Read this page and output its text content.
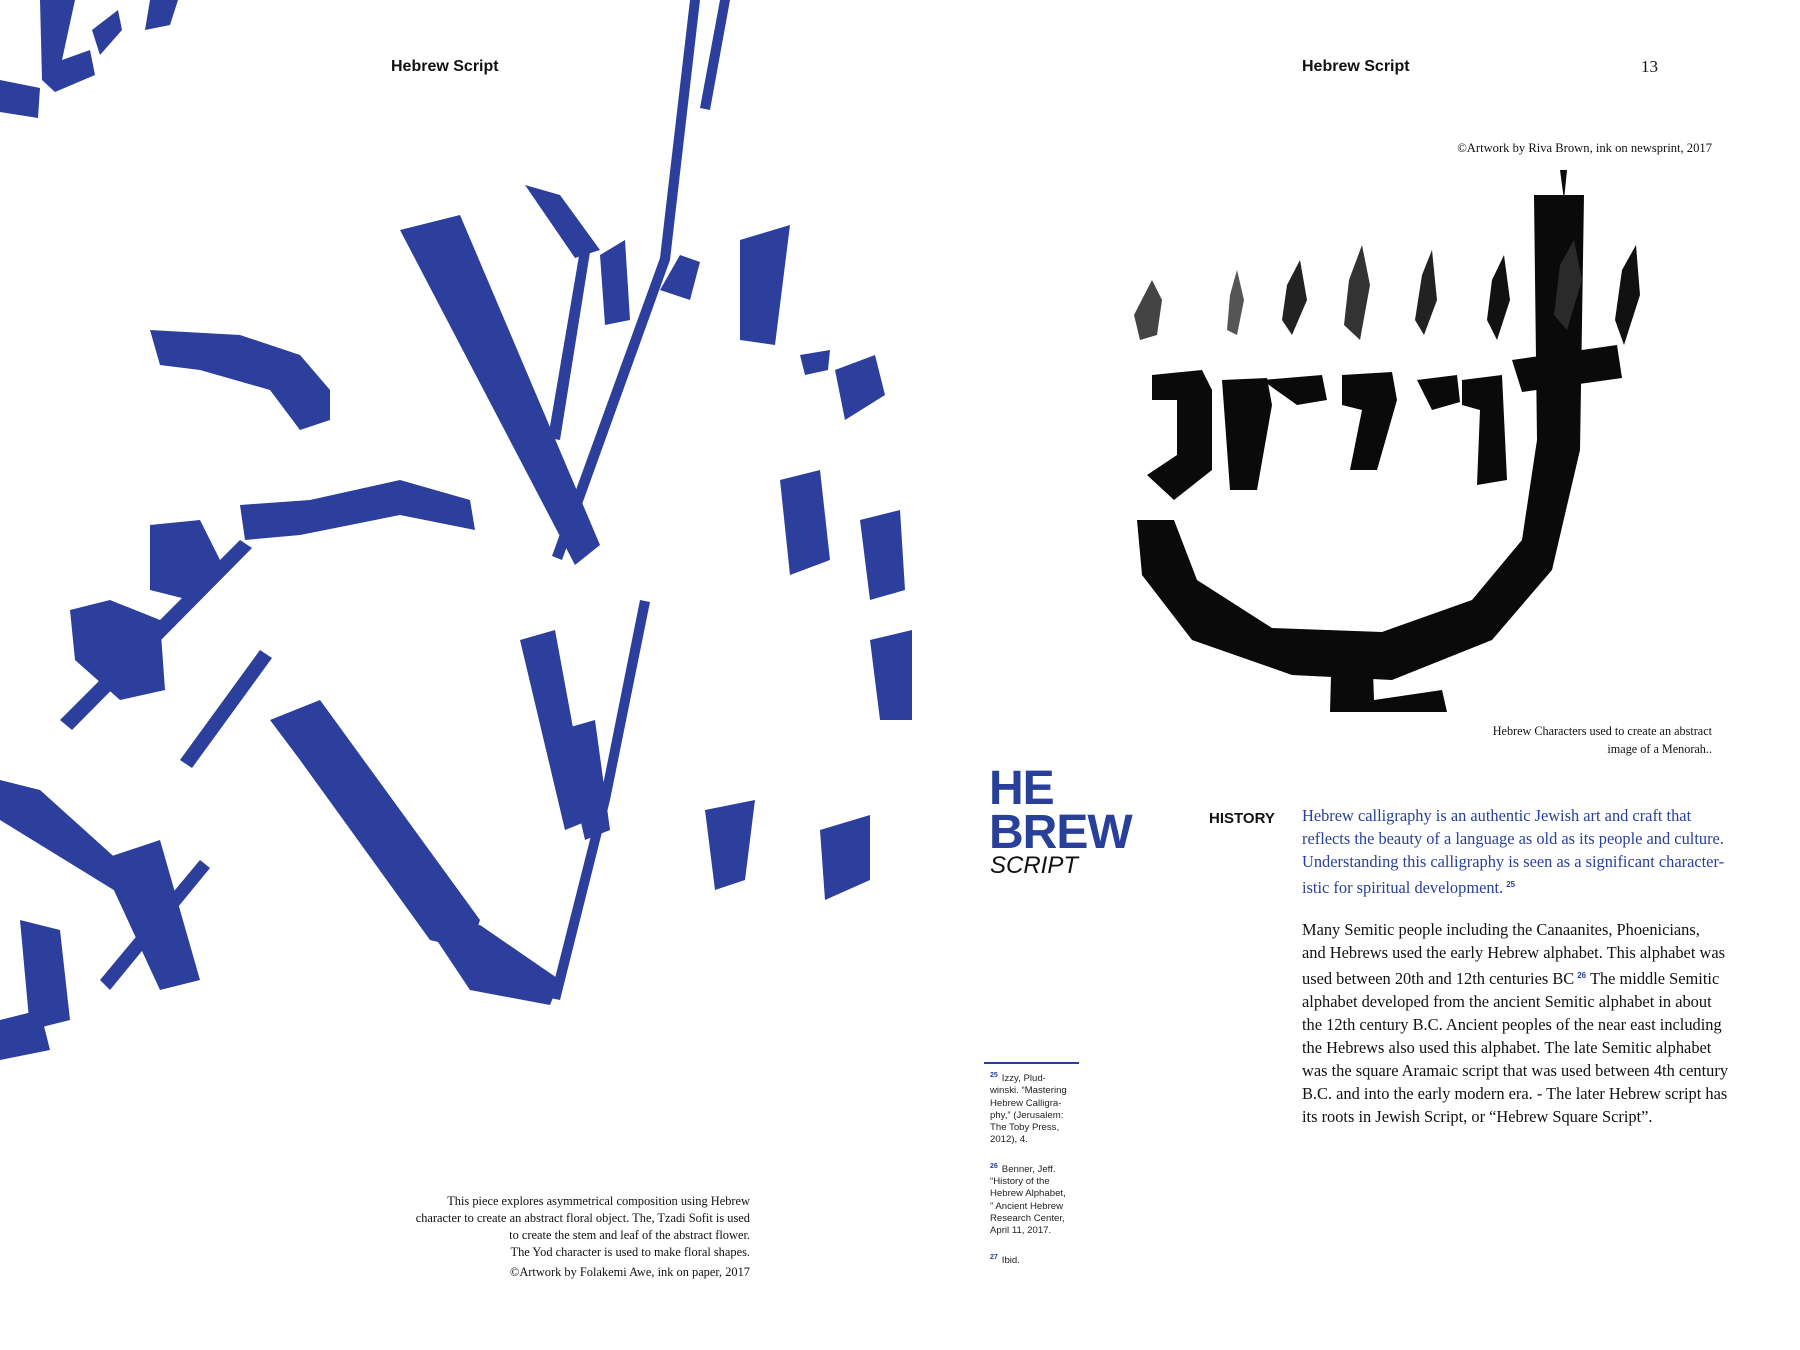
Hebrew Script

This piece explores asymmetrical composition using Hebrew

character to create an abstract floral object. The, Tzadi Sofit is used

to create the stem and leaf of the abstract flower.

The Yod character is used to make floral shapes.

©Artwork by Folakemi Awe, ink on paper, 2017

Hebrew Script	13
©Artwork by Riva Brown, ink on newsprint, 2017
Hebrew Characters used to create an abstract
image of a Menorah..
HE
BREW
SCRIPT
HISTORY Hebrew calligraphy is an authentic Jewish art and craft that

reflects the beauty of a language as old as its people and culture.

Understanding this calligraphy is seen as a significant character-

istic for spiritual development. $^{25}$

Many Semitic people including the Canaanites, Phoenicians,

and Hebrews used the early Hebrew alphabet. This alphabet was

used between 20th and 12th centuries BC $^{26}$ The middle Semitic

alphabet developed from the ancient Semitic alphabet in about

the 12th century B.C. Ancient peoples of the near east including

the Hebrews also used this alphabet. The late Semitic alphabet

was the square Aramaic script that was used between 4th century

B.C. and into the early modern era. - The later Hebrew script has

its roots in Jewish Script, or “Hebrew Square Script”.

$^{25}$ Izzy, Plud-
winski. “Mastering
Hebrew Calligra-
phy,” (Jerusalem:
The Toby Press,
2012), 4.
$^{26}$ Benner, Jeff.
“History of the
Hebrew Alphabet,
” Ancient Hebrew
Research Center,
April 11, 2017.
$^{27}$ Ibid.
